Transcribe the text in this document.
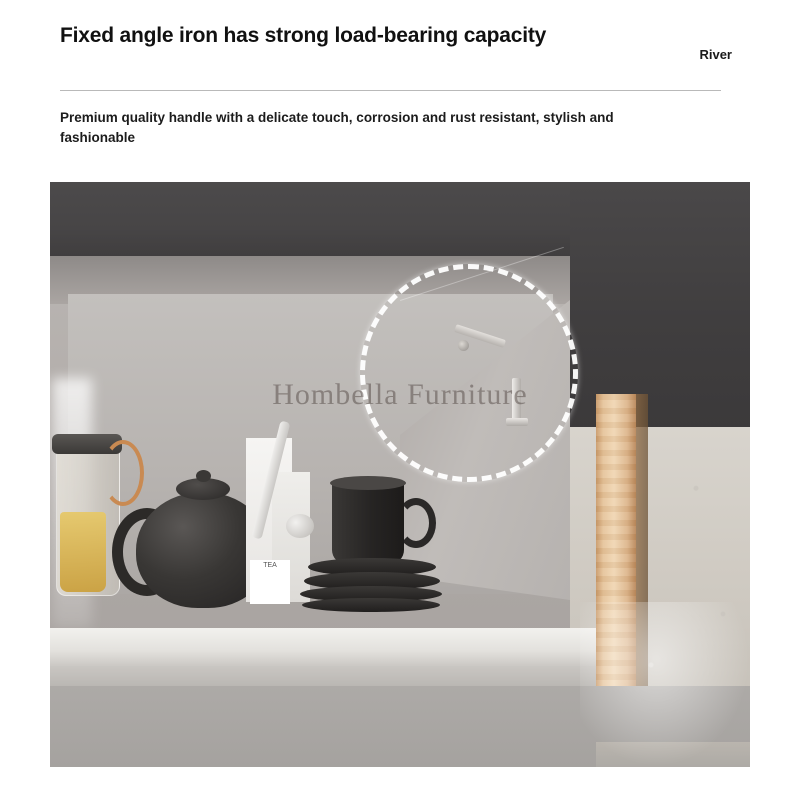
Fixed angle iron has strong load-bearing capacity
River
Premium quality handle with a delicate touch, corrosion and rust resistant, stylish and fashionable
TEA
Hombella Furniture
